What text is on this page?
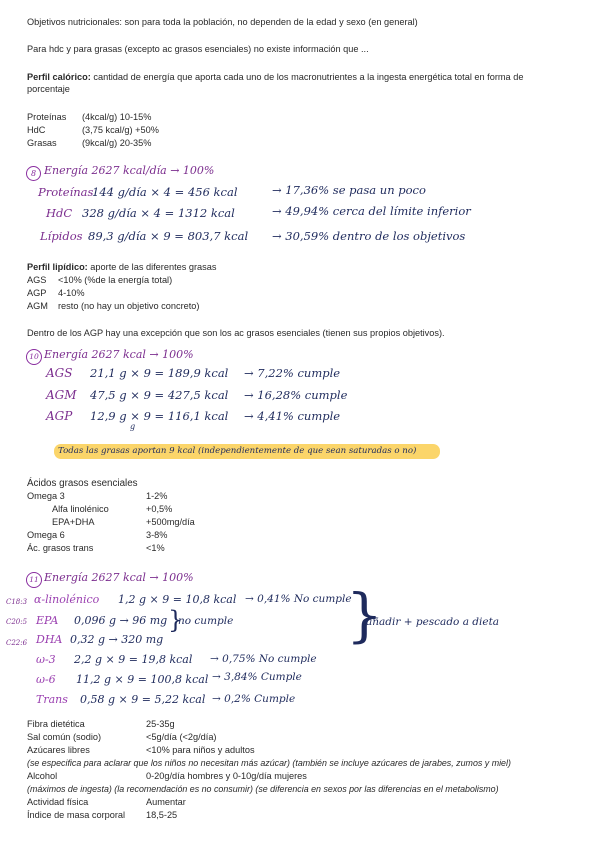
Objetivos nutricionales: son para toda la población, no dependen de la edad y sexo (en general)
Para hdc y para grasas (excepto ac grasos esenciales) no existe información que ...
Perfil calórico: cantidad de energía que aporta cada uno de los macronutrientes a la ingesta energética total en forma de
porcentaje
Proteínas (4kcal/g) 10-15%
HdC	(3,75 kcal/g) +50%
Grasas	(9kcal/g) 20-35%
8 Energía 2627 kcal/día → 100%
Proteínas
144 g/día × 4 = 456 kcal	→ 17,36% se pasa un poco
HdC 328 g/día × 4 = 1312 kcal	→ 49,94% cerca del límite inferior
Lípidos 89,3 g/día × 9 = 803,7 kcal → 30,59% dentro de los objetivos
Perfil lipídico: aporte de las diferentes grasas
AGS <10% (%de la energía total)
AGP 4-10%
AGM resto (no hay un objetivo concreto)
Dentro de los AGP hay una excepción que son los ac grasos esenciales (tienen sus propios objetivos).
10 Energía 2627 kcal → 100%
AGS 21,1 g × 9 = 189,9 kcal → 7,22% cumple
AGM 47,5 g × 9 = 427,5 kcal → 16,28% cumple
AGP 12,9 g × 9 = 116,1 kcal → 4,41% cumple
g
Todas las grasas aportan 9 kcal (independientemente de que sean saturadas o no)
Ácidos grasos esenciales
Omega 3	1-2%
Alfa linolénico	+0,5%
EPA+DHA	+500mg/día
Omega 6	3-8%
Ác. grasos trans	<1%
11 Energía 2627 kcal → 100%
C18:3 α-linolénico 1,2 g × 9 = 10,8 kcal → 0,41% No cumple
C20:5 EPA 0,096 g → 96 mg no cumple
C22:6 DHA 0,32 g → 320 mg
}
ω-3 2,2 g × 9 = 19,8 kcal → 0,75% No cumple
ω-6 11,2 g × 9 = 100,8 kcal → 3,84% Cumple
Trans 0,58 g × 9 = 5,22 kcal → 0,2% Cumple
}
añadir + pescado a dieta
Fibra dietética	25-35g
Sal común (sodio)	<5g/día (<2g/día)
Azúcares libres	<10% para niños y adultos
(se especifica para aclarar que los niños no necesitan más azúcar) (también se incluye azúcares de jarabes, zumos y miel)
Alcohol	0-20g/día hombres y 0-10g/día mujeres
(máximos de ingesta) (la recomendación es no consumir) (se diferencia en sexos por las diferencias en el metabolismo)
Actividad física	Aumentar
Índice de masa corporal 18,5-25
